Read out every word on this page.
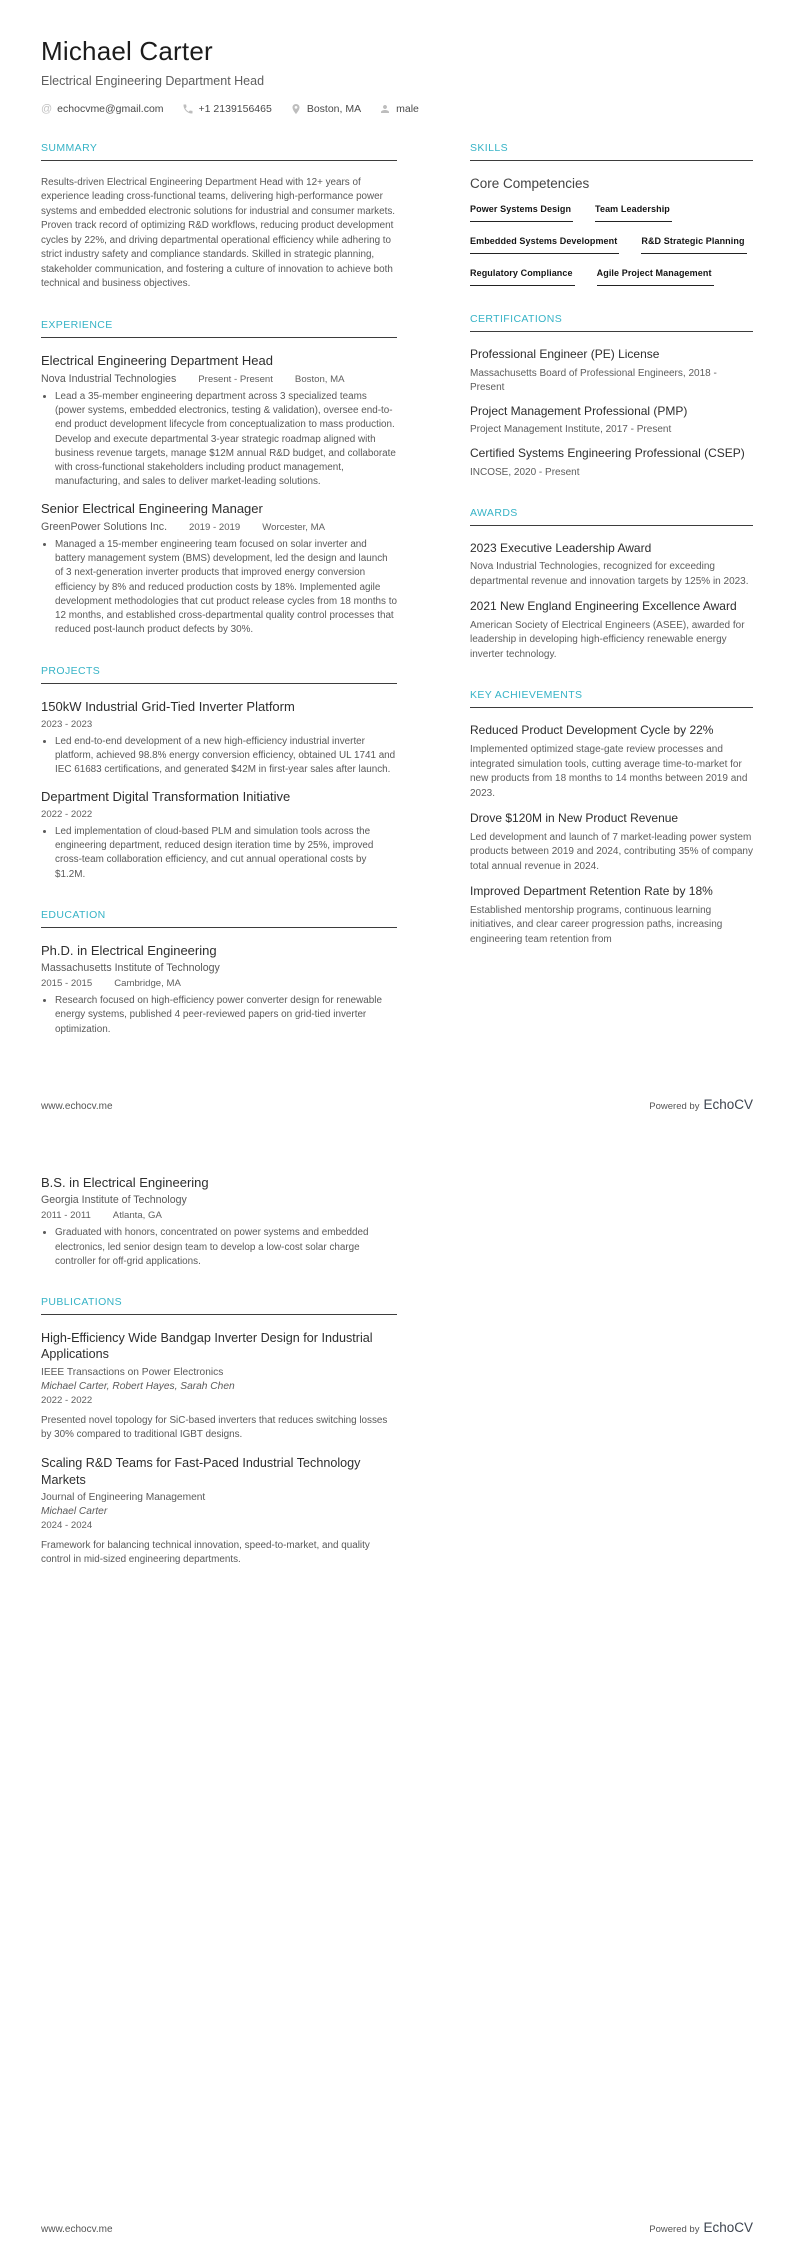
Michael Carter
Electrical Engineering Department Head
@ echocvme@gmail.com	+1 2139156465	Boston, MA	male
SUMMARY

Results-driven Electrical Engineering Department Head with 12+ years of experience leading cross-functional teams, delivering high-performance power systems and embedded electronic solutions for industrial and consumer markets. Proven track record of optimizing R&D workflows, reducing product development cycles by 22%, and driving departmental operational efficiency while adhering to strict industry safety and compliance standards. Skilled in strategic planning, stakeholder communication, and fostering a culture of innovation to achieve both technical and business objectives.

EXPERIENCE
Electrical Engineering Department Head
Nova Industrial Technologies Present - Present Boston, MA
• Lead a 35-member engineering department across 3 specialized teams (power systems, embedded electronics, testing & validation), oversee end-to-end product development lifecycle from conceptualization to mass production. Develop and execute departmental 3-year strategic roadmap aligned with business revenue targets, manage $12M annual R&D budget, and collaborate with cross-functional stakeholders including product management, manufacturing, and sales to deliver market-leading solutions.
Senior Electrical Engineering Manager
GreenPower Solutions Inc. 2019 - 2019 Worcester, MA
• Managed a 15-member engineering team focused on solar inverter and battery management system (BMS) development, led the design and launch of 3 next-generation inverter products that improved energy conversion efficiency by 8% and reduced production costs by 18%. Implemented agile development methodologies that cut product release cycles from 18 months to 12 months, and established cross-departmental quality control processes that reduced post-launch product defects by 30%.
PROJECTS
150kW Industrial Grid-Tied Inverter Platform
2023 - 2023
• Led end-to-end development of a new high-efficiency industrial inverter platform, achieved 98.8% energy conversion efficiency, obtained UL 1741 and IEC 61683 certifications, and generated $42M in first-year sales after launch.
Department Digital Transformation Initiative
2022 - 2022
• Led implementation of cloud-based PLM and simulation tools across the engineering department, reduced design iteration time by 25%, improved cross-team collaboration efficiency, and cut annual operational costs by $1.2M.
EDUCATION
Ph.D. in Electrical Engineering
Massachusetts Institute of Technology
2015 - 2015 Cambridge, MA
• Research focused on high-efficiency power converter design for renewable energy systems, published 4 peer-reviewed papers on grid-tied inverter optimization.
SKILLS
Core Competencies
Power Systems Design	Team Leadership
Embedded Systems Development	R&D Strategic Planning
Regulatory Compliance	Agile Project Management
CERTIFICATIONS
Professional Engineer (PE) License
Massachusetts Board of Professional Engineers, 2018 - Present
Project Management Professional (PMP)
Project Management Institute, 2017 - Present
Certified Systems Engineering Professional (CSEP)
INCOSE, 2020 - Present
AWARDS
2023 Executive Leadership Award
Nova Industrial Technologies, recognized for exceeding departmental revenue and innovation targets by 125% in 2023.
2021 New England Engineering Excellence Award
American Society of Electrical Engineers (ASEE), awarded for leadership in developing high-efficiency renewable energy inverter technology.
KEY ACHIEVEMENTS
Reduced Product Development Cycle by 22%
Implemented optimized stage-gate review processes and integrated simulation tools, cutting average time-to-market for new products from 18 months to 14 months between 2019 and 2023.
Drove $120M in New Product Revenue
Led development and launch of 7 market-leading power system products between 2019 and 2024, contributing 35% of company total annual revenue in 2024.
Improved Department Retention Rate by 18%
Established mentorship programs, continuous learning initiatives, and clear career progression paths, increasing engineering team retention from
www.echocv.me	Powered by EchoCV
B.S. in Electrical Engineering
Georgia Institute of Technology
2011 - 2011 Atlanta, GA
• Graduated with honors, concentrated on power systems and embedded electronics, led senior design team to develop a low-cost solar charge controller for off-grid applications.
PUBLICATIONS
High-Efficiency Wide Bandgap Inverter Design for Industrial Applications
IEEE Transactions on Power Electronics
Michael Carter, Robert Hayes, Sarah Chen
2022 - 2022
Presented novel topology for SiC-based inverters that reduces switching losses by 30% compared to traditional IGBT designs.
Scaling R&D Teams for Fast-Paced Industrial Technology Markets
Journal of Engineering Management
Michael Carter
2024 - 2024
Framework for balancing technical innovation, speed-to-market, and quality control in mid-sized engineering departments.
www.echocv.me	Powered by EchoCV
